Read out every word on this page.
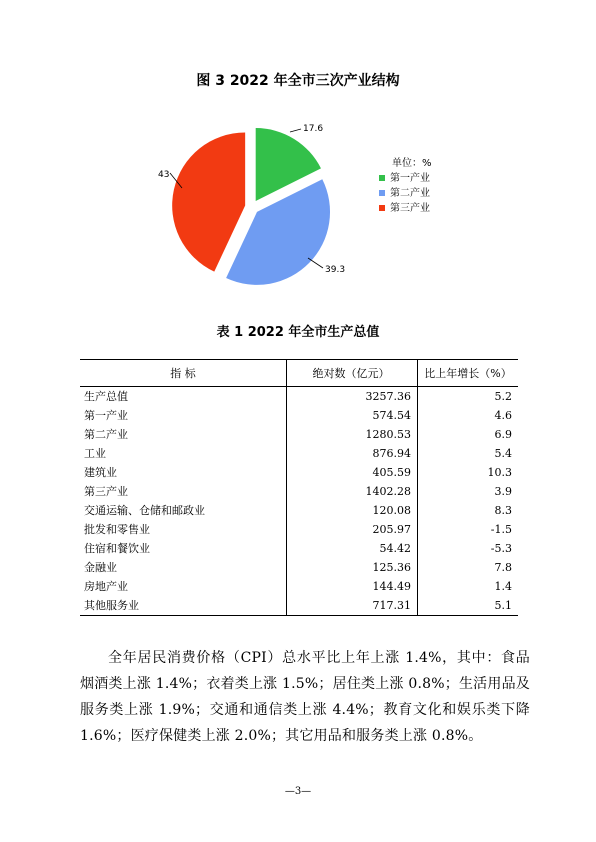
图 3 2022 年全市三次产业结构
17.6
39.3
43
单位：%
第一产业
第二产业
第三产业
表 1 2022 年全市生产总值
指 标	绝对数（亿元）	比上年增长（%）
生产总值	3257.36	5.2
第一产业	574.54	4.6
第二产业	1280.53	6.9
工业	876.94	5.4
建筑业	405.59	10.3
第三产业	1402.28	3.9
交通运输、仓储和邮政业	120.08	8.3
批发和零售业	205.97	-1.5
住宿和餐饮业	54.42	-5.3
金融业	125.36	7.8
房地产业	144.49	1.4
其他服务业	717.31	5.1

全年居民消费价格（CPI）总水平比上年上涨 1.4%，其中：食品烟酒类上涨 1.4%；衣着类上涨 1.5%；居住类上涨 0.8%；生活用品及服务类上涨 1.9%；交通和通信类上涨 4.4%；教育文化和娱乐类下降 1.6%；医疗保健类上涨 2.0%；其它用品和服务类上涨 0.8%。

—3—
